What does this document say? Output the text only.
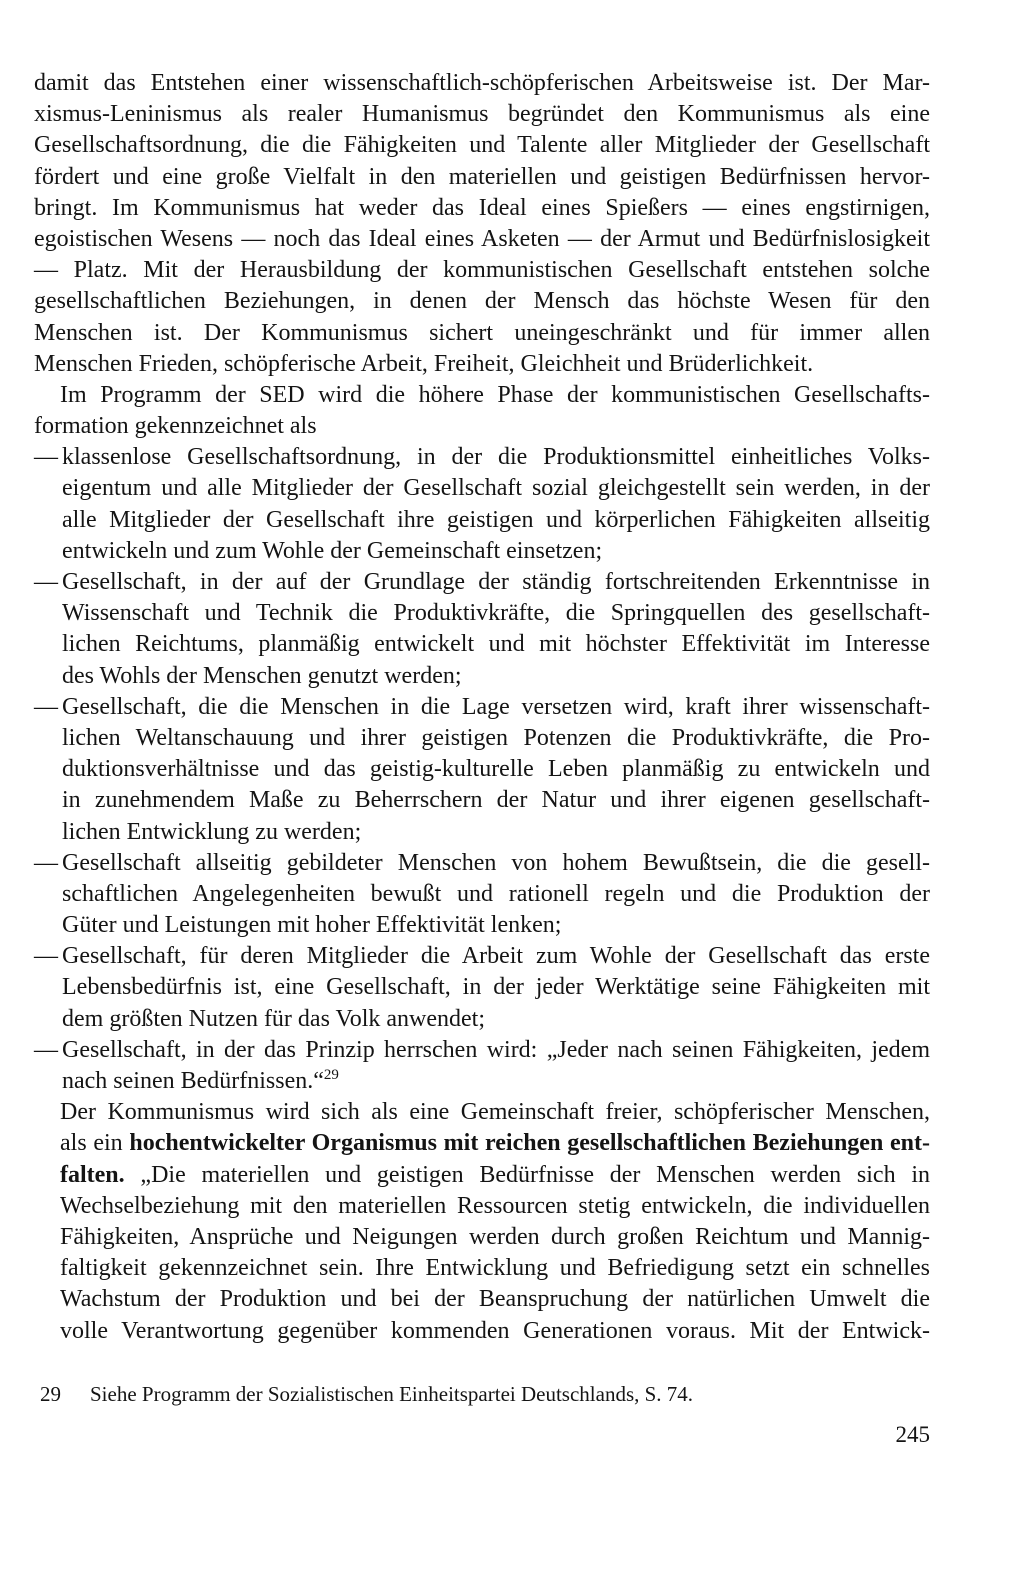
damit das Entstehen einer wissenschaftlich-schöpferischen Arbeitsweise ist. Der Mar-
xismus-Leninismus als realer Humanismus begründet den Kommunismus als eine
Gesellschaftsordnung, die die Fähigkeiten und Talente aller Mitglieder der Gesellschaft
fördert und eine große Vielfalt in den materiellen und geistigen Bedürfnissen hervor-
bringt. Im Kommunismus hat weder das Ideal eines Spießers — eines engstirnigen,
egoistischen Wesens — noch das Ideal eines Asketen — der Armut und Bedürfnislosigkeit
— Platz. Mit der Herausbildung der kommunistischen Gesellschaft entstehen solche
gesellschaftlichen Beziehungen, in denen der Mensch das höchste Wesen für den
Menschen ist. Der Kommunismus sichert uneingeschränkt und für immer allen
Menschen Frieden, schöpferische Arbeit, Freiheit, Gleichheit und Brüderlichkeit.
Im Programm der SED wird die höhere Phase der kommunistischen Gesellschafts-
formation gekennzeichnet als
— klassenlose Gesellschaftsordnung, in der die Produktionsmittel einheitliches Volks-
eigentum und alle Mitglieder der Gesellschaft sozial gleichgestellt sein werden, in der
alle Mitglieder der Gesellschaft ihre geistigen und körperlichen Fähigkeiten allseitig
entwickeln und zum Wohle der Gemeinschaft einsetzen;
— Gesellschaft, in der auf der Grundlage der ständig fortschreitenden Erkenntnisse in
Wissenschaft und Technik die Produktivkräfte, die Springquellen des gesellschaft-
lichen Reichtums, planmäßig entwickelt und mit höchster Effektivität im Interesse
des Wohls der Menschen genutzt werden;
— Gesellschaft, die die Menschen in die Lage versetzen wird, kraft ihrer wissenschaft-
lichen Weltanschauung und ihrer geistigen Potenzen die Produktivkräfte, die Pro-
duktionsverhältnisse und das geistig-kulturelle Leben planmäßig zu entwickeln und
in zunehmendem Maße zu Beherrschern der Natur und ihrer eigenen gesellschaft-
lichen Entwicklung zu werden;
— Gesellschaft allseitig gebildeter Menschen von hohem Bewußtsein, die die gesell-
schaftlichen Angelegenheiten bewußt und rationell regeln und die Produktion der
Güter und Leistungen mit hoher Effektivität lenken;
— Gesellschaft, für deren Mitglieder die Arbeit zum Wohle der Gesellschaft das erste
Lebensbedürfnis ist, eine Gesellschaft, in der jeder Werktätige seine Fähigkeiten mit
dem größten Nutzen für das Volk anwendet;
— Gesellschaft, in der das Prinzip herrschen wird: „Jeder nach seinen Fähigkeiten, jedem
nach seinen Bedürfnissen.“$^{29}$
Der Kommunismus wird sich als eine Gemeinschaft freier, schöpferischer Menschen,
als ein hochentwickelter Organismus mit reichen gesellschaftlichen Beziehungen ent-
falten. „Die materiellen und geistigen Bedürfnisse der Menschen werden sich in
Wechselbeziehung mit den materiellen Ressourcen stetig entwickeln, die individuellen
Fähigkeiten, Ansprüche und Neigungen werden durch großen Reichtum und Mannig-
faltigkeit gekennzeichnet sein. Ihre Entwicklung und Befriedigung setzt ein schnelles
Wachstum der Produktion und bei der Beanspruchung der natürlichen Umwelt die
volle Verantwortung gegenüber kommenden Generationen voraus. Mit der Entwick-
29 Siehe Programm der Sozialistischen Einheitspartei Deutschlands, S. 74.
245
